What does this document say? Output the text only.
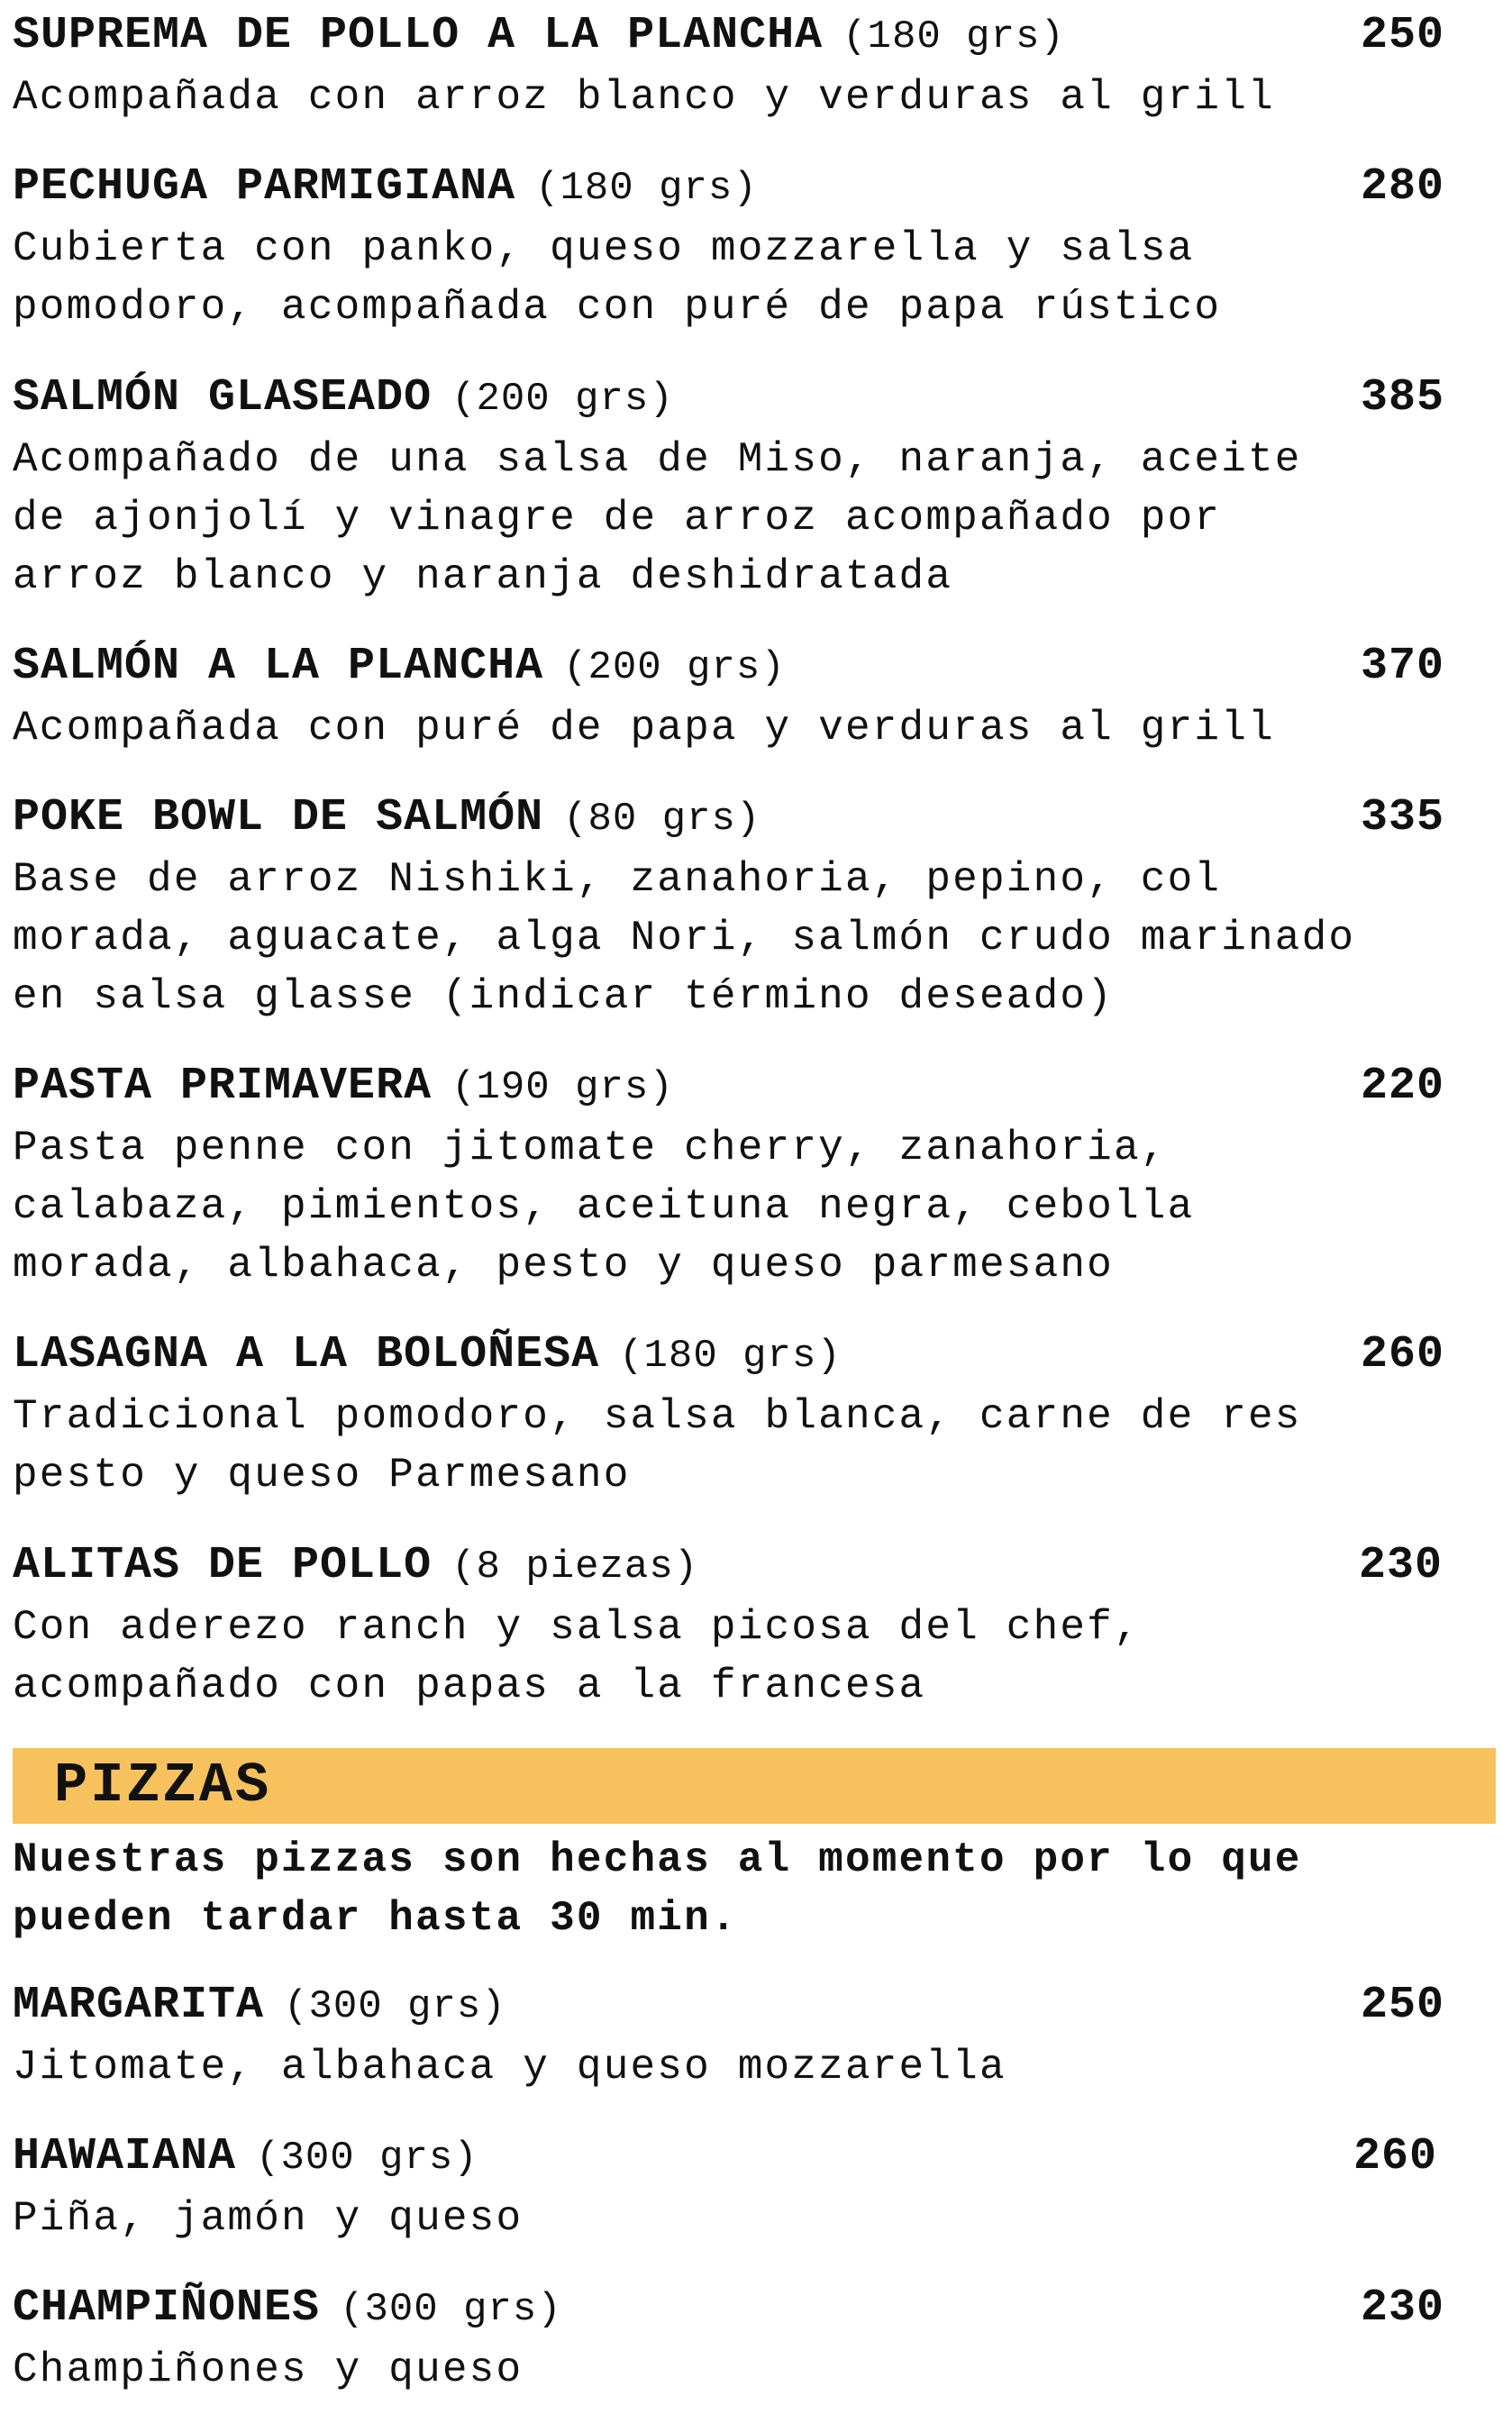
SUPREMA DE POLLO A LA PLANCHA (180 grs)	250
Acompañada con arroz blanco y verduras al grill
PECHUGA PARMIGIANA (180 grs)	280
Cubierta con panko, queso mozzarella y salsa
pomodoro, acompañada con puré de papa rústico
SALMÓN GLASEADO (200 grs)	385
Acompañado de una salsa de Miso, naranja, aceite
de ajonjolí y vinagre de arroz acompañado por
arroz blanco y naranja deshidratada
SALMÓN A LA PLANCHA (200 grs)	370
Acompañada con puré de papa y verduras al grill
POKE BOWL DE SALMÓN (80 grs)	335
Base de arroz Nishiki, zanahoria, pepino, col
morada, aguacate, alga Nori, salmón crudo marinado
en salsa glasse (indicar término deseado)
PASTA PRIMAVERA (190 grs)	220
Pasta penne con jitomate cherry, zanahoria,
calabaza, pimientos, aceituna negra, cebolla
morada, albahaca, pesto y queso parmesano
LASAGNA A LA BOLOÑESA (180 grs)	260
Tradicional pomodoro, salsa blanca, carne de res
pesto y queso Parmesano
ALITAS DE POLLO (8 piezas)	230
Con aderezo ranch y salsa picosa del chef,
acompañado con papas a la francesa
PIZZAS
Nuestras pizzas son hechas al momento por lo que
pueden tardar hasta 30 min.
MARGARITA (300 grs)	250
Jitomate, albahaca y queso mozzarella
HAWAIANA (300 grs)	260
Piña, jamón y queso
CHAMPIÑONES (300 grs)	230
Champiñones y queso
